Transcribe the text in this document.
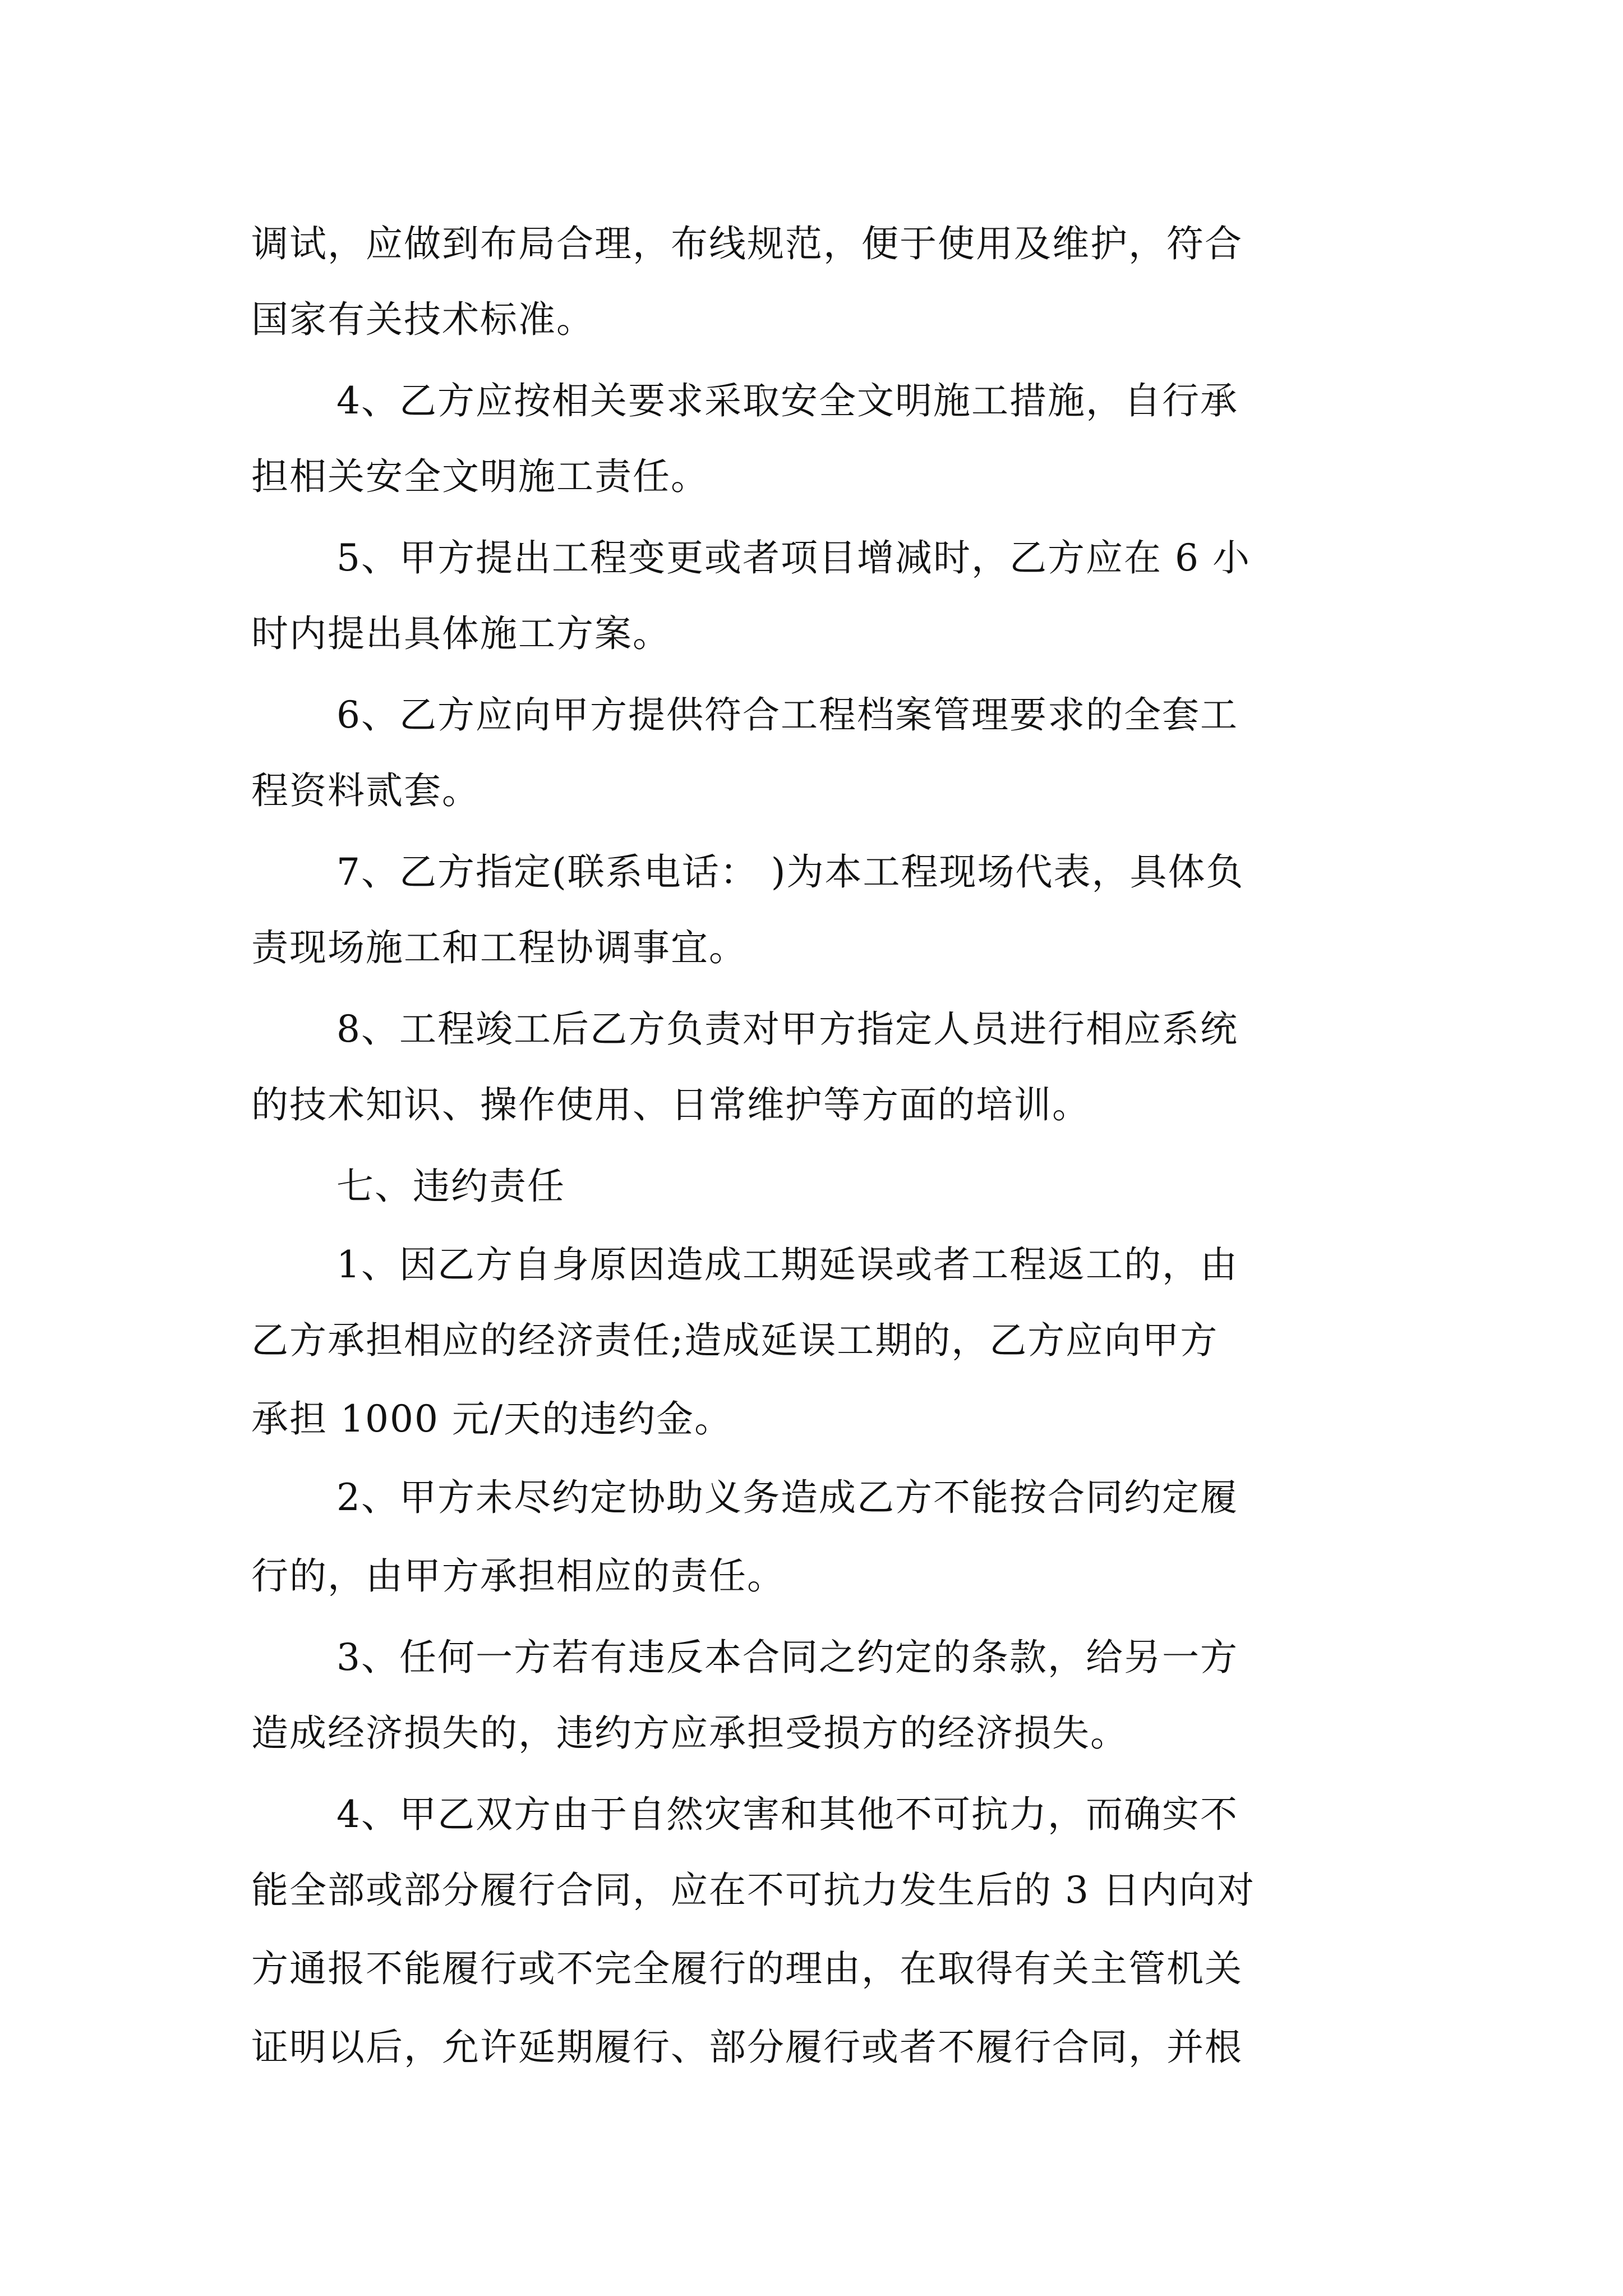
调试，应做到布局合理，布线规范，便于使用及维护，符合

国家有关技术标准。

4、乙方应按相关要求采取安全文明施工措施，自行承

担相关安全文明施工责任。

5、甲方提出工程变更或者项目增减时，乙方应在 6 小

时内提出具体施工方案。

6、乙方应向甲方提供符合工程档案管理要求的全套工

程资料贰套。

7、乙方指定(联系电话： )为本工程现场代表，具体负

责现场施工和工程协调事宜。

8、工程竣工后乙方负责对甲方指定人员进行相应系统

的技术知识、操作使用、日常维护等方面的培训。

七、违约责任

1、因乙方自身原因造成工期延误或者工程返工的，由

乙方承担相应的经济责任;造成延误工期的，乙方应向甲方

承担 1000 元/天的违约金。

2、甲方未尽约定协助义务造成乙方不能按合同约定履

行的，由甲方承担相应的责任。

3、任何一方若有违反本合同之约定的条款，给另一方

造成经济损失的，违约方应承担受损方的经济损失。

4、甲乙双方由于自然灾害和其他不可抗力，而确实不

能全部或部分履行合同，应在不可抗力发生后的 3 日内向对

方通报不能履行或不完全履行的理由，在取得有关主管机关

证明以后，允许延期履行、部分履行或者不履行合同，并根
